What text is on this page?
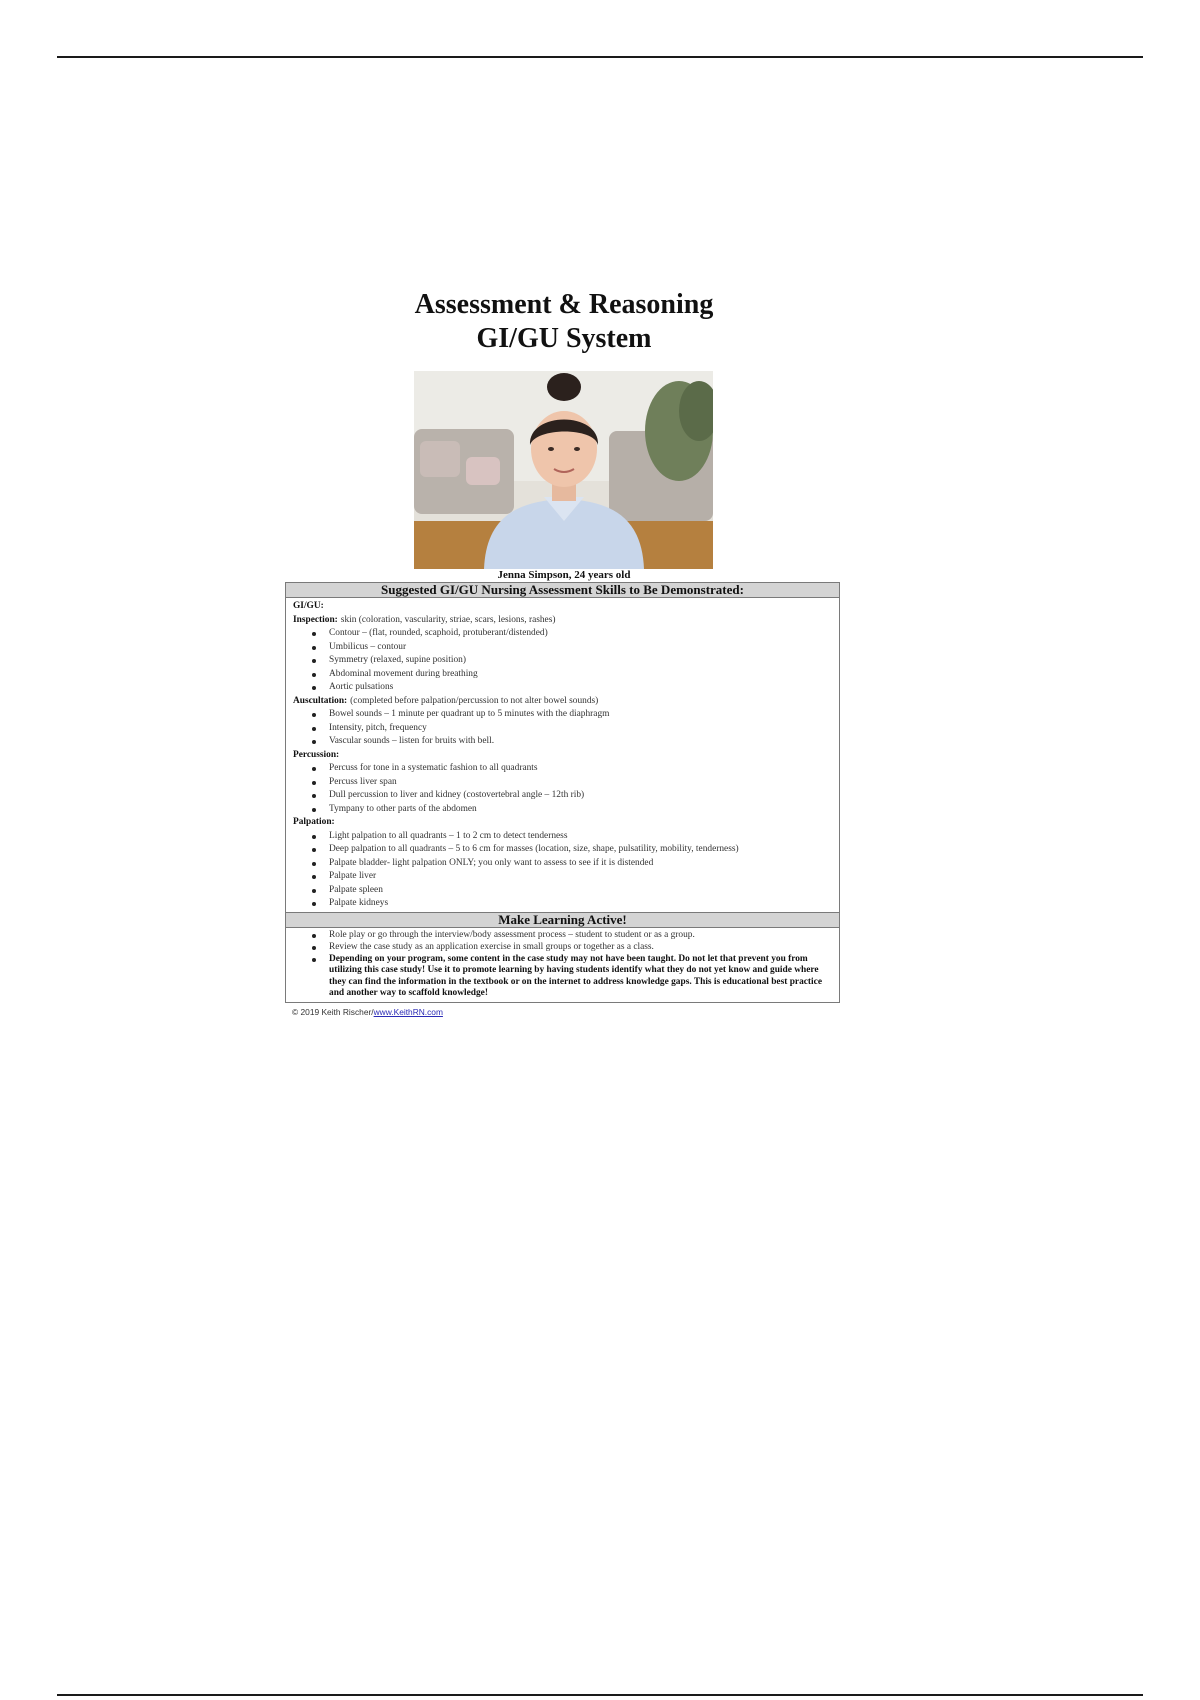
Assessment & Reasoning
GI/GU System
Jenna Simpson, 24 years old
Suggested GI/GU Nursing Assessment Skills to Be Demonstrated:
GI/GU:
Inspection: skin (coloration, vascularity, striae, scars, lesions, rashes)
Contour – (flat, rounded, scaphoid, protuberant/distended)
Umbilicus – contour
Symmetry (relaxed, supine position)
Abdominal movement during breathing
Aortic pulsations
Auscultation: (completed before palpation/percussion to not alter bowel sounds)
Bowel sounds – 1 minute per quadrant up to 5 minutes with the diaphragm
Intensity, pitch, frequency
Vascular sounds – listen for bruits with bell.
Percussion:
Percuss for tone in a systematic fashion to all quadrants
Percuss liver span
Dull percussion to liver and kidney (costovertebral angle – 12th rib)
Tympany to other parts of the abdomen
Palpation:
Light palpation to all quadrants – 1 to 2 cm to detect tenderness
Deep palpation to all quadrants – 5 to 6 cm for masses (location, size, shape, pulsatility, mobility, tenderness)
Palpate bladder- light palpation ONLY; you only want to assess to see if it is distended
Palpate liver
Palpate spleen
Palpate kidneys
Make Learning Active!
Role play or go through the interview/body assessment process – student to student or as a group.
Review the case study as an application exercise in small groups or together as a class.
Depending on your program, some content in the case study may not have been taught. Do not let that prevent you from utilizing this case study! Use it to promote learning by having students identify what they do not yet know and guide where they can find the information in the textbook or on the internet to address knowledge gaps. This is educational best practice and another way to scaffold knowledge!
© 2019 Keith Rischer/www.KeithRN.com
